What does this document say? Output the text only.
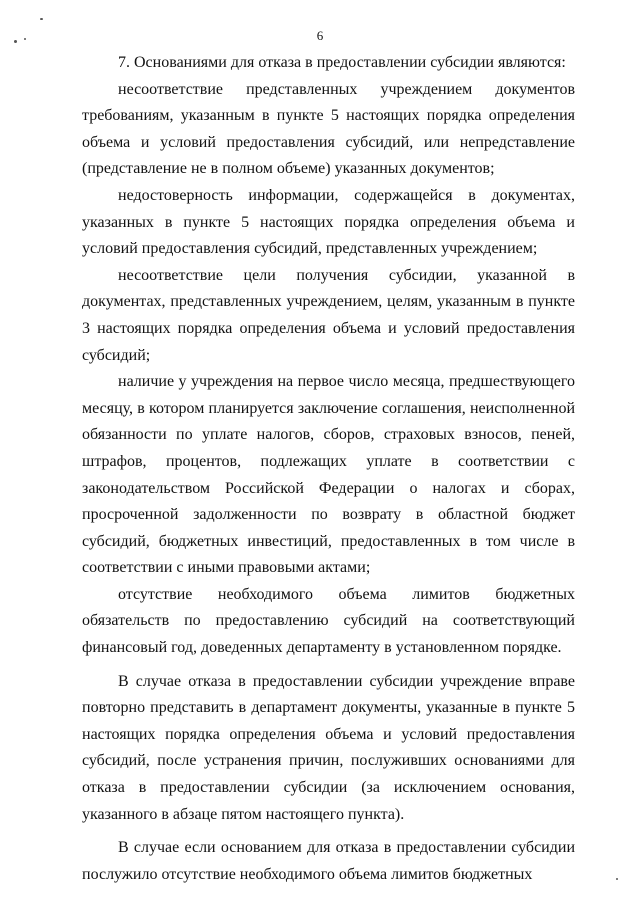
6

7. Основаниями для отказа в предоставлении субсидии являются:

несоответствие представленных учреждением документов требованиям, указанным в пункте 5 настоящих порядка определения объема и условий предоставления субсидий, или непредставление (представление не в полном объеме) указанных документов;

недостоверность информации, содержащейся в документах, указанных в пункте 5 настоящих порядка определения объема и условий предоставления субсидий, представленных учреждением;

несоответствие цели получения субсидии, указанной в документах, представленных учреждением, целям, указанным в пункте 3 настоящих порядка определения объема и условий предоставления субсидий;

наличие у учреждения на первое число месяца, предшествующего месяцу, в котором планируется заключение соглашения, неисполненной обязанности по уплате налогов, сборов, страховых взносов, пеней, штрафов, процентов, подлежащих уплате в соответствии с законодательством Российской Федерации о налогах и сборах, просроченной задолженности по возврату в областной бюджет субсидий, бюджетных инвестиций, предоставленных в том числе в соответствии с иными правовыми актами;

отсутствие необходимого объема лимитов бюджетных обязательств по предоставлению субсидий на соответствующий финансовый год, доведенных департаменту в установленном порядке.

В случае отказа в предоставлении субсидии учреждение вправе повторно представить в департамент документы, указанные в пункте 5 настоящих порядка определения объема и условий предоставления субсидий, после устранения причин, послуживших основаниями для отказа в предоставлении субсидии (за исключением основания, указанного в абзаце пятом настоящего пункта).

В случае если основанием для отказа в предоставлении субсидии послужило отсутствие необходимого объема лимитов бюджетных
